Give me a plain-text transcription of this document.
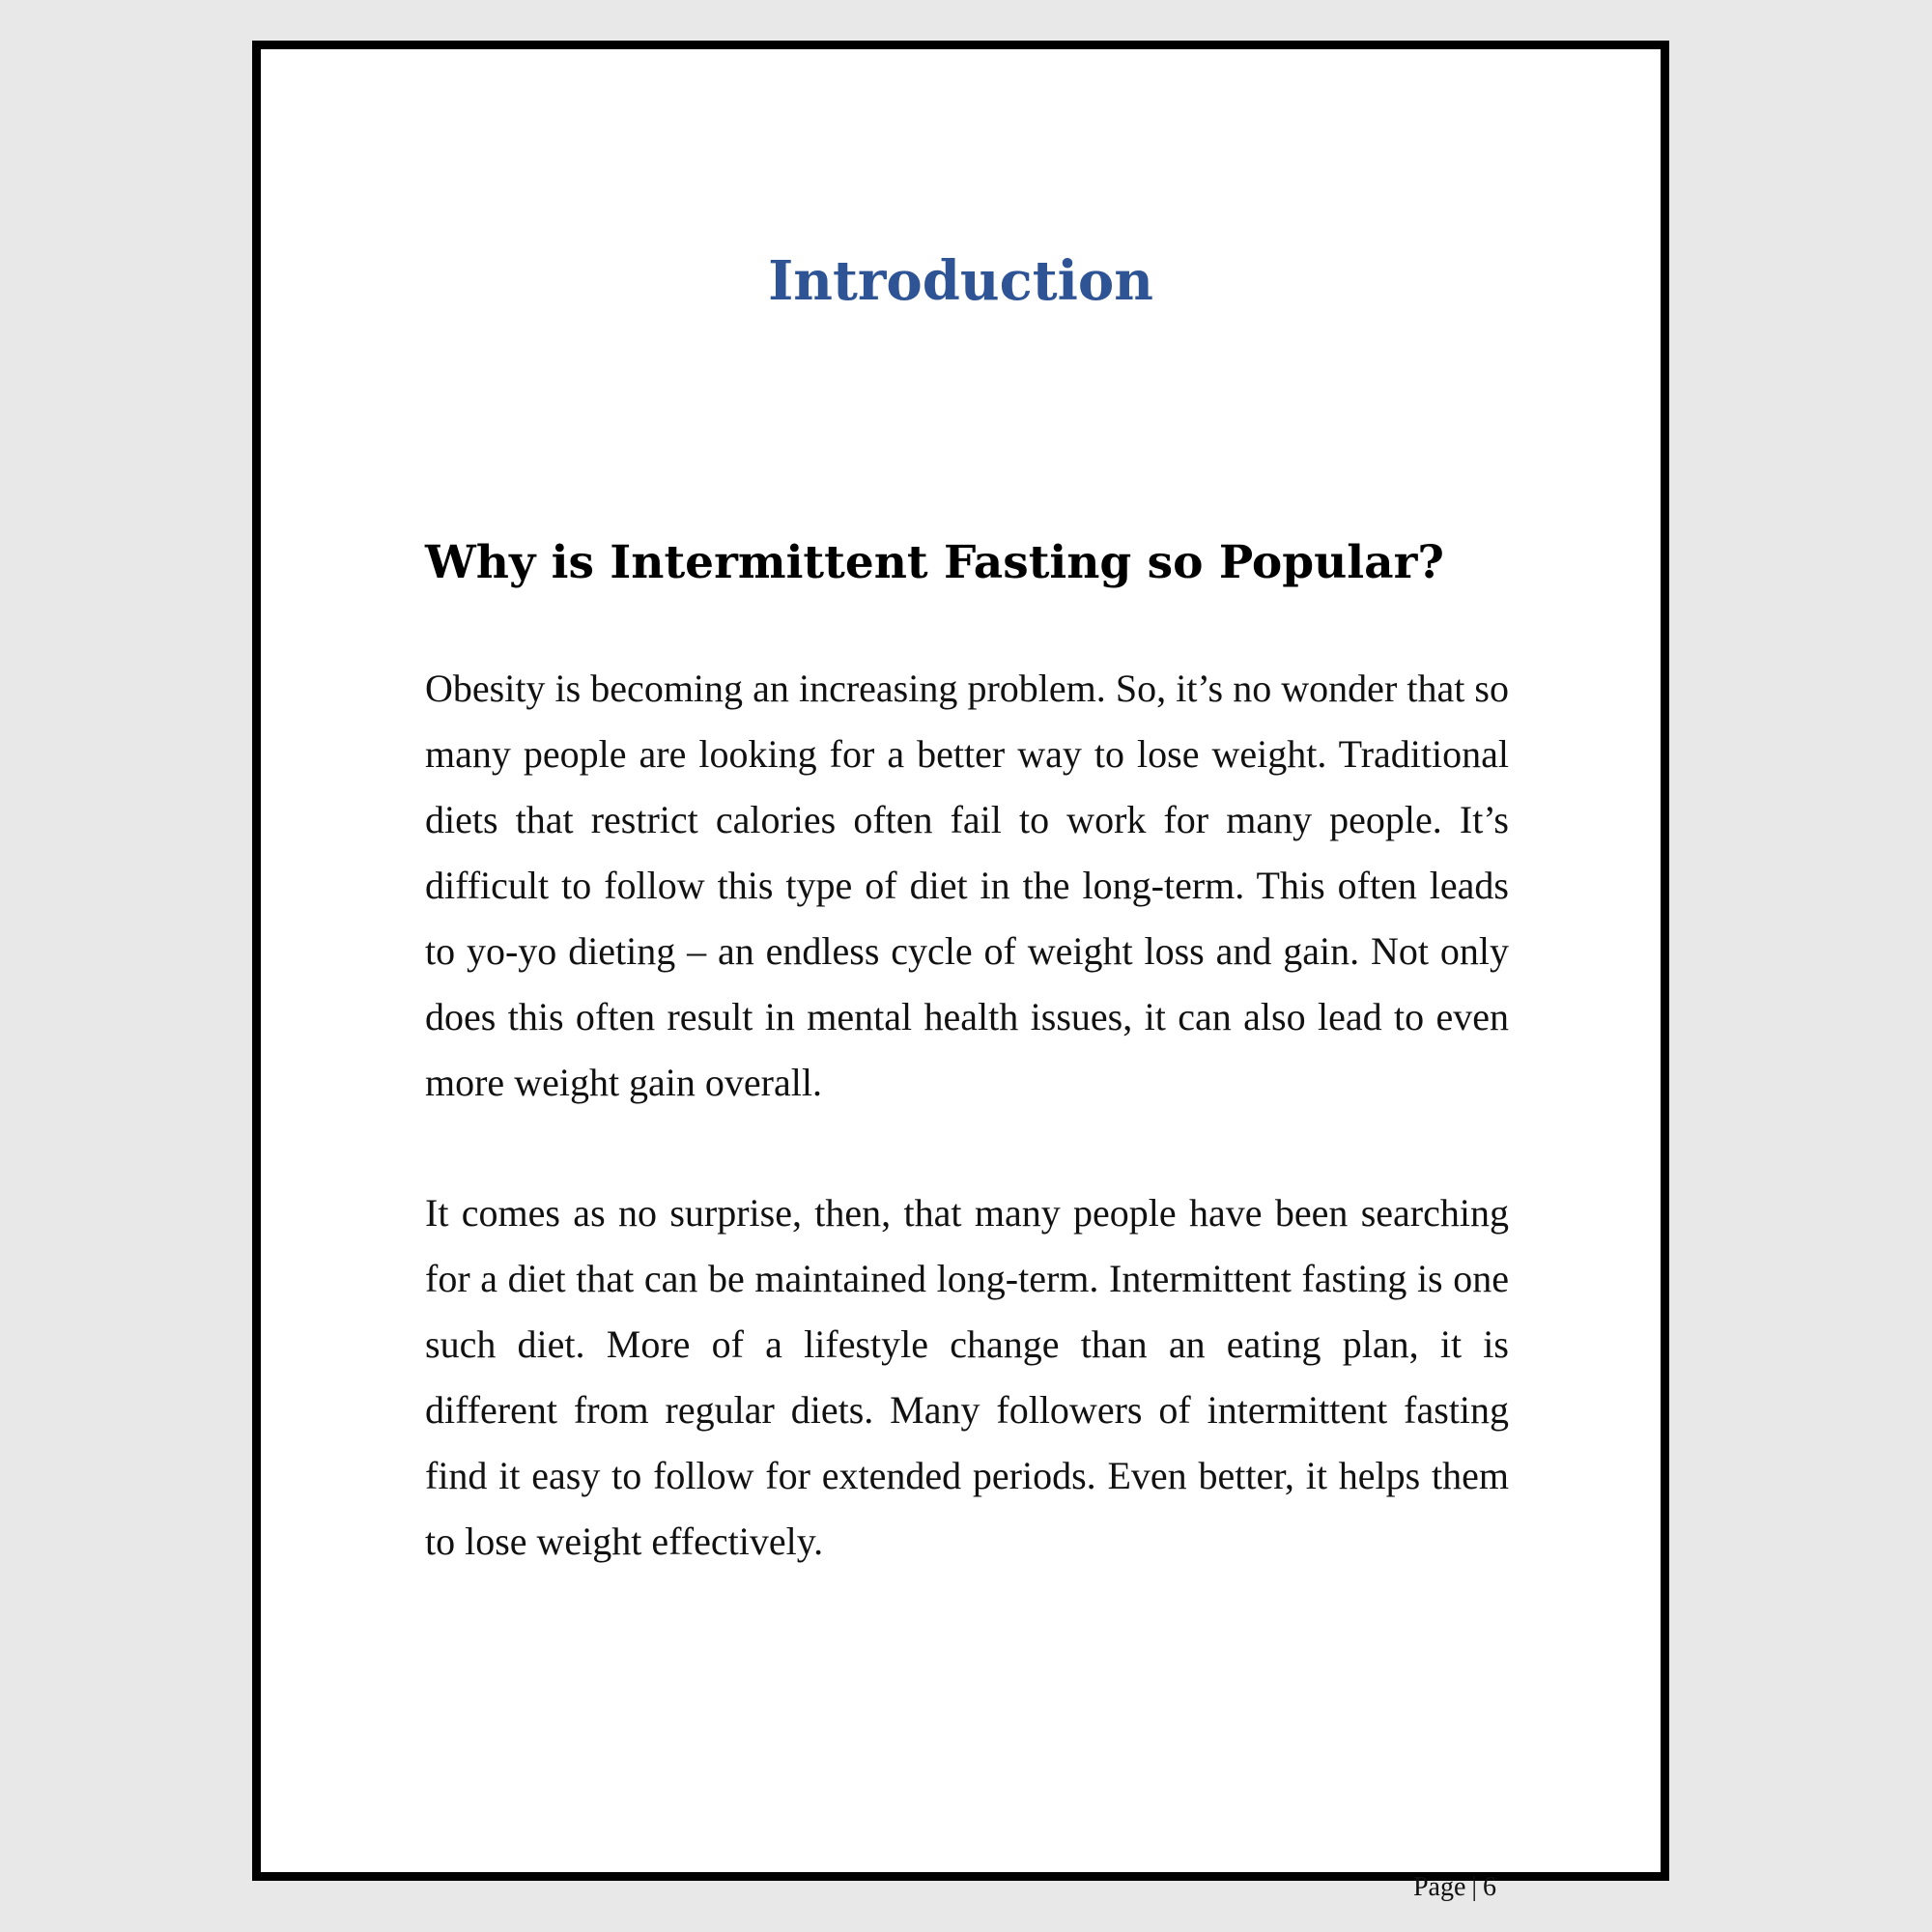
Introduction
Why is Intermittent Fasting so Popular?

Obesity is becoming an increasing problem. So, it’s no wonder that so many people are looking for a better way to lose weight. Traditional diets that restrict calories often fail to work for many people. It’s difficult to follow this type of diet in the long-term. This often leads to yo-yo dieting – an endless cycle of weight loss and gain. Not only does this often result in mental health issues, it can also lead to even more weight gain overall.

It comes as no surprise, then, that many people have been searching for a diet that can be maintained long-term. Intermittent fasting is one such diet. More of a lifestyle change than an eating plan, it is different from regular diets. Many followers of intermittent fasting find it easy to follow for extended periods. Even better, it helps them to lose weight effectively.

Page | 6
